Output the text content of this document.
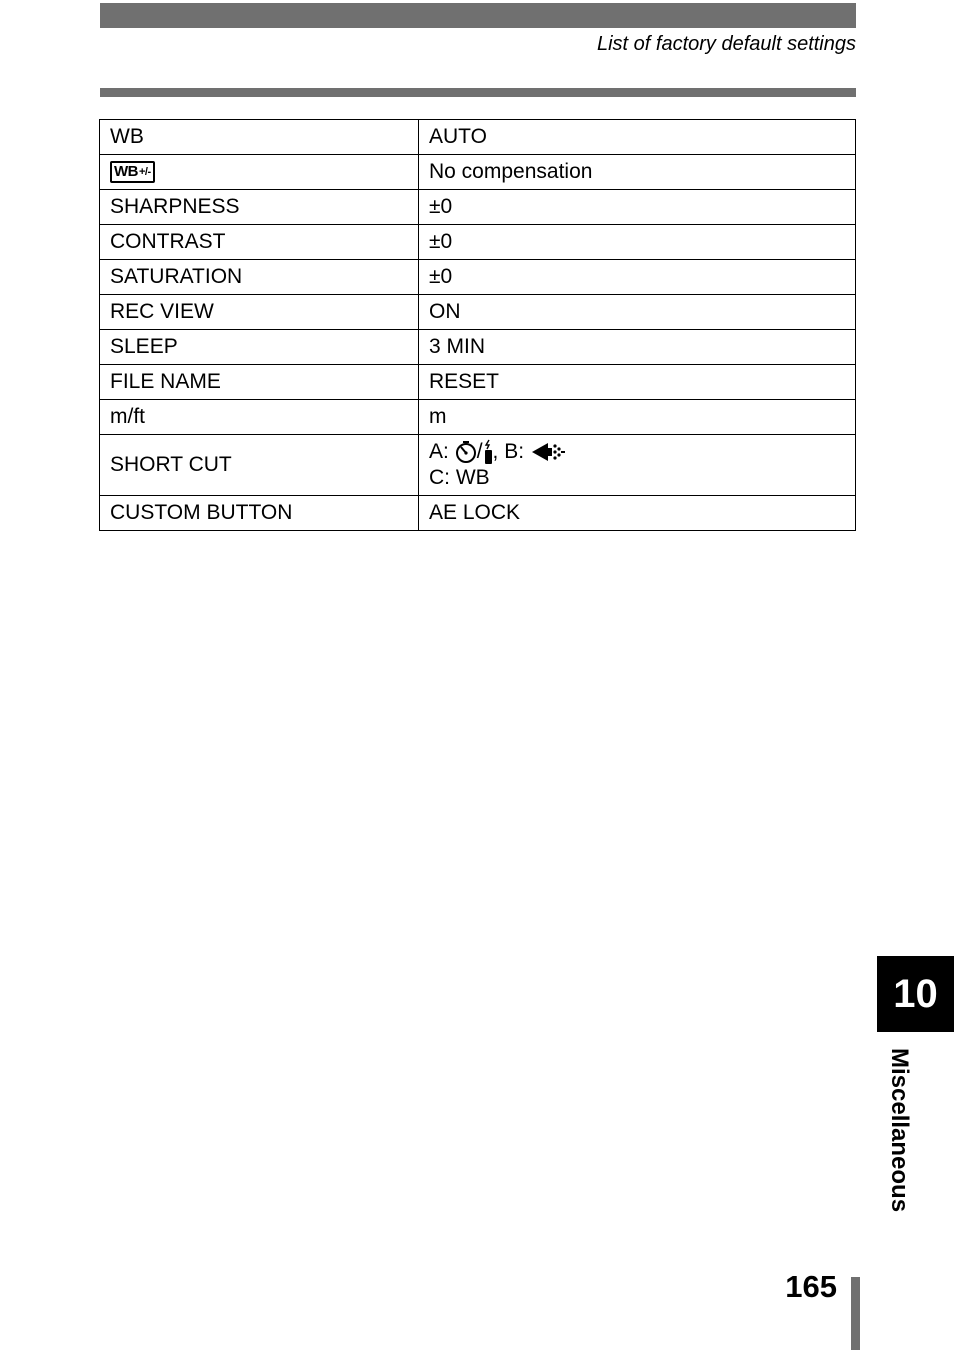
List of factory default settings
WB	AUTO

WB +/-	No compensation
SHARPNESS	±0
CONTRAST	±0
SATURATION	±0
REC VIEW	ON
SLEEP	3 MIN
FILE NAME	RESET
m/ft	m
SHORT CUT	A: / , B:
C: WB

CUSTOM BUTTON	AE LOCK
10
Miscellaneous
165
